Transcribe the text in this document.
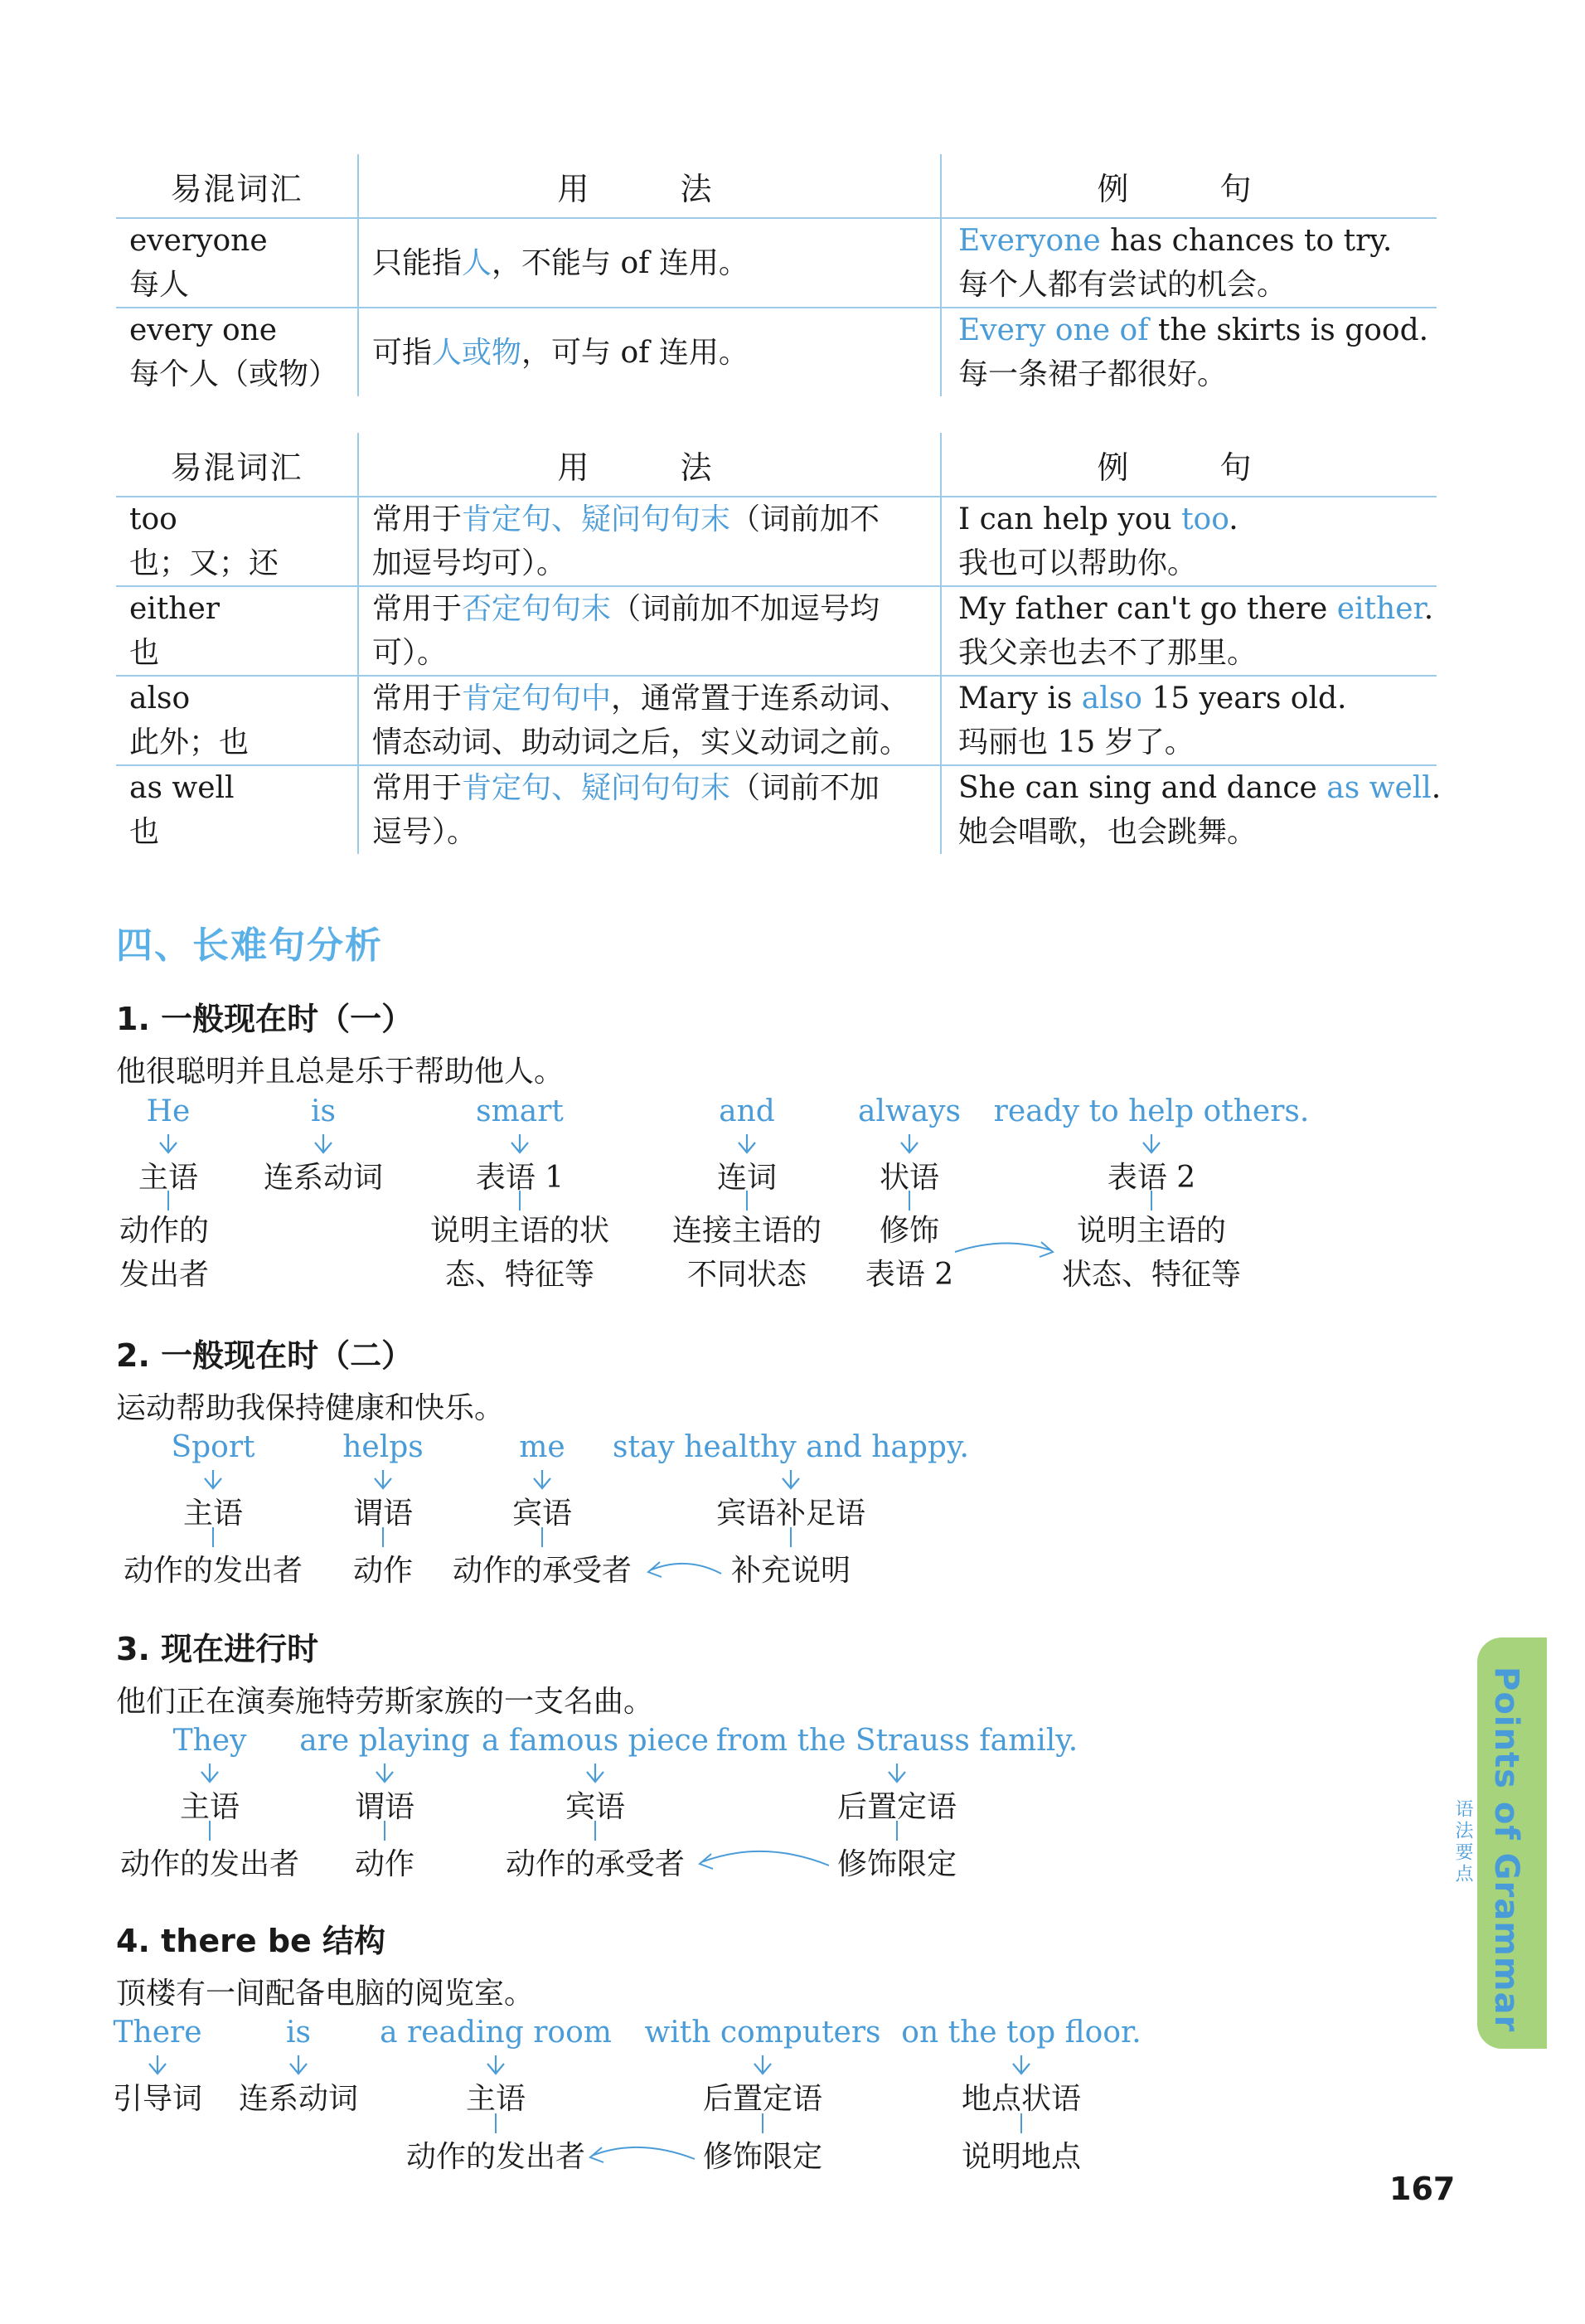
易混词汇	用　法	例　句

everyone
每人	只能指人，不能与 of 连用。	Everyone has chances to try.
每个人都有尝试的机会。

every one
每个人（或物）	可指人或物，可与 of 连用。	Every one of the skirts is good.
每一条裙子都很好。
易混词汇	用　法	例　句

too
也；又；还	常用于肯定句、疑问句句末（词前加不
加逗号均可）。	I can help you too.
我也可以帮助你。

either
也	常用于否定句句末（词前加不加逗号均
可）。	My father can't go there either.
我父亲也去不了那里。

also
此外；也	常用于肯定句句中，通常置于连系动词、
情态动词、助动词之后，实义动词之前。	Mary is also 15 years old.
玛丽也 15 岁了。

as well
也	常用于肯定句、疑问句句末（词前不加
逗号）。	She can sing and dance as well.
她会唱歌，也会跳舞。
四、长难句分析
1. 一般现在时（一）
他很聪明并且总是乐于帮助他人。
He	is	smart	and	always ready to help others.
主语 连系动词	表语 1	连词	状语	表语 2
动作的
发出者
说明主语的状
态、特征等
连接主语的
不同状态
修饰
表语 2
说明主语的
状态、特征等
2. 一般现在时（二）
运动帮助我保持健康和快乐。
Sport	helps	me stay healthy and happy.
主语	谓语	宾语	宾语补足语
动作的发出者 动作 动作的承受者	补充说明
3. 现在进行时
他们正在演奏施特劳斯家族的一支名曲。
They are playing a famous piece from the Strauss family.
主语	谓语	宾语	后置定语
动作的发出者 动作	动作的承受者	修饰限定
4. there be 结构
顶楼有一间配备电脑的阅览室。
There	is a reading room with computers on the top floor.
引导词 连系动词	主语	后置定语	地点状语
动作的发出者	修饰限定	说明地点
Points of Grammar
语法要点
167
